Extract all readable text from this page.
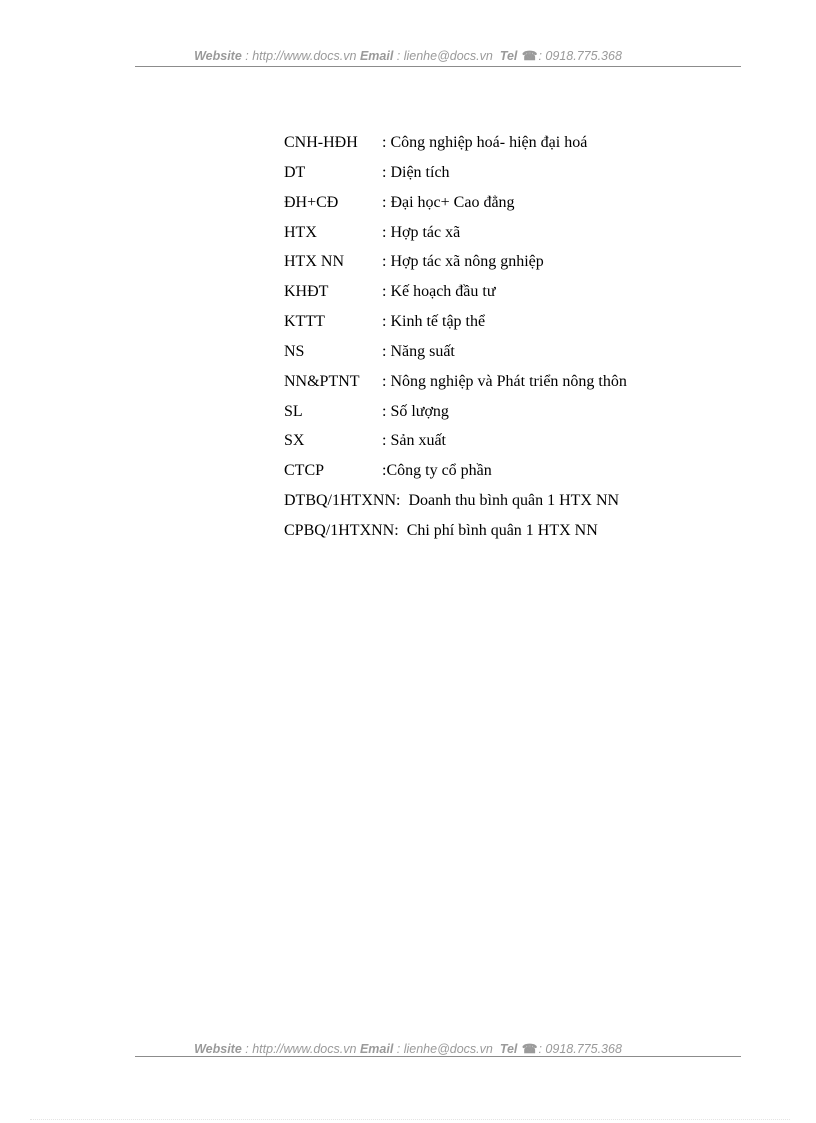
Website : http://www.docs.vn Email : lienhe@docs.vn Tel ☎: 0918.775.368
CNH-HĐH	: Công nghiệp hoá- hiện đại hoá
DT	: Diện tích
ĐH+CĐ	: Đại học+ Cao đẳng
HTX	: Hợp tác xã
HTX NN	: Hợp tác xã nông gnhiệp
KHĐT	: Kế hoạch đầu tư
KTTT	: Kinh tế tập thể
NS	: Năng suất
NN&PTNT	: Nông nghiệp và Phát triển nông thôn
SL	: Số lượng
SX	: Sản xuất
CTCP	:Công ty cổ phần
DTBQ/1HTXNN: Doanh thu bình quân 1 HTX NN
CPBQ/1HTXNN: Chi phí bình quân 1 HTX NN
Website : http://www.docs.vn Email : lienhe@docs.vn Tel ☎: 0918.775.368
